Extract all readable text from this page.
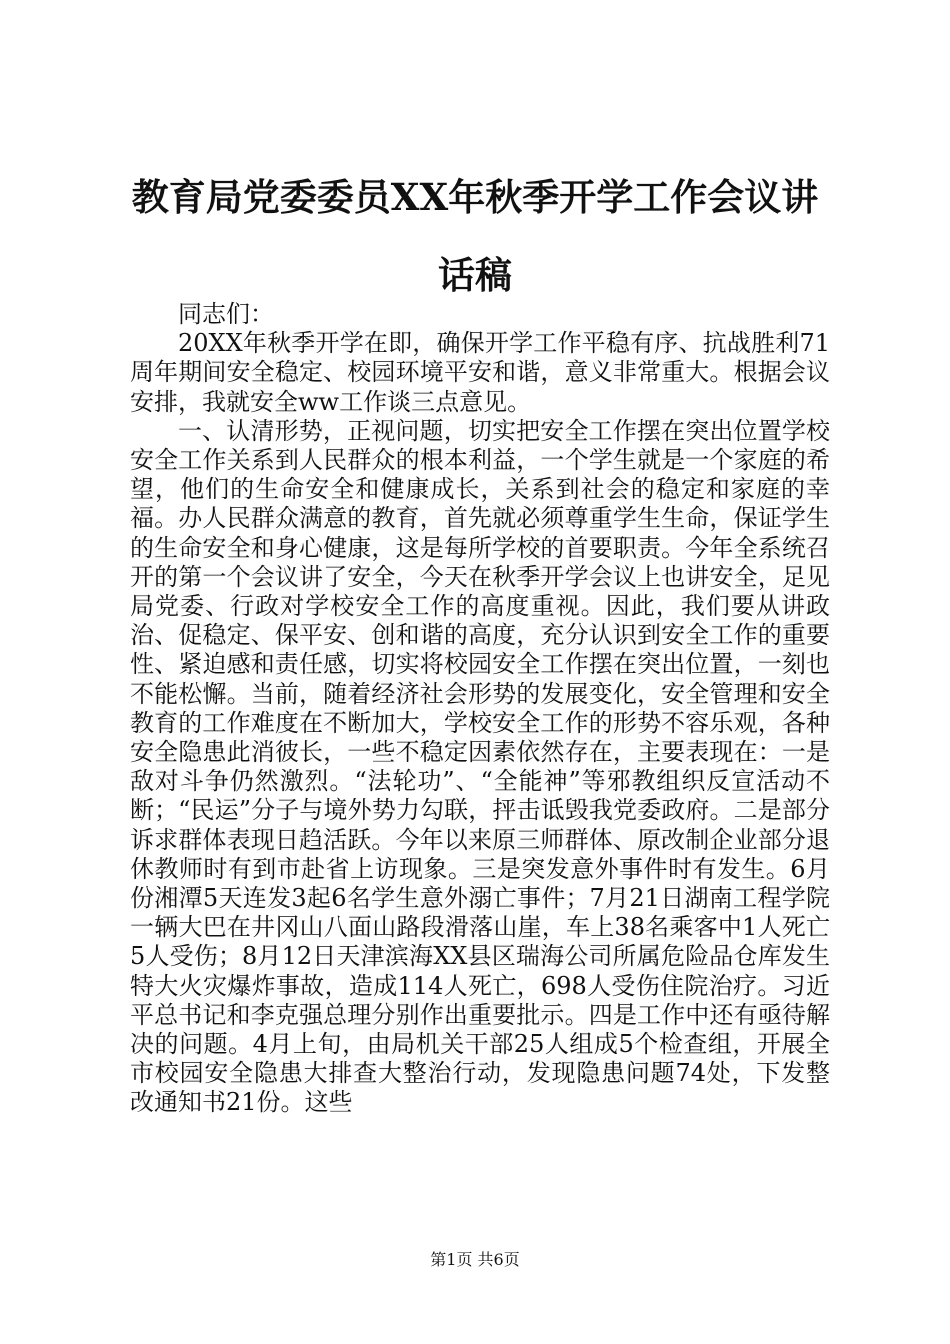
教育局党委委员XX年秋季开学工作会议讲话稿

同志们：

20XX年秋季开学在即，确保开学工作平稳有序、抗战胜利71周年期间安全稳定、校园环境平安和谐，意义非常重大。根据会议安排，我就安全ww工作谈三点意见。

一、认清形势，正视问题，切实把安全工作摆在突出位置学校安全工作关系到人民群众的根本利益，一个学生就是一个家庭的希望，他们的生命安全和健康成长，关系到社会的稳定和家庭的幸福。办人民群众满意的教育，首先就必须尊重学生生命，保证学生的生命安全和身心健康，这是每所学校的首要职责。今年全系统召开的第一个会议讲了安全，今天在秋季开学会议上也讲安全，足见局党委、行政对学校安全工作的高度重视。因此，我们要从讲政治、促稳定、保平安、创和谐的高度，充分认识到安全工作的重要性、紧迫感和责任感，切实将校园安全工作摆在突出位置，一刻也不能松懈。当前，随着经济社会形势的发展变化，安全管理和安全教育的工作难度在不断加大，学校安全工作的形势不容乐观，各种安全隐患此消彼长，一些不稳定因素依然存在，主要表现在：一是敌对斗争仍然激烈。“法轮功”、“全能神”等邪教组织反宣活动不断；“民运”分子与境外势力勾联，抨击诋毁我党委政府。二是部分诉求群体表现日趋活跃。今年以来原三师群体、原改制企业部分退休教师时有到市赴省上访现象。三是突发意外事件时有发生。6月份湘潭5天连发3起6名学生意外溺亡事件；7月21日湖南工程学院一辆大巴在井冈山八面山路段滑落山崖，车上38名乘客中1人死亡5人受伤；8月12日天津滨海XX县区瑞海公司所属危险品仓库发生特大火灾爆炸事故，造成114人死亡，698人受伤住院治疗。习近平总书记和李克强总理分别作出重要批示。四是工作中还有亟待解决的问题。4月上旬，由局机关干部25人组成5个检查组，开展全市校园安全隐患大排查大整治行动，发现隐患问题74处，下发整改通知书21份。这些

第1页 共6页
